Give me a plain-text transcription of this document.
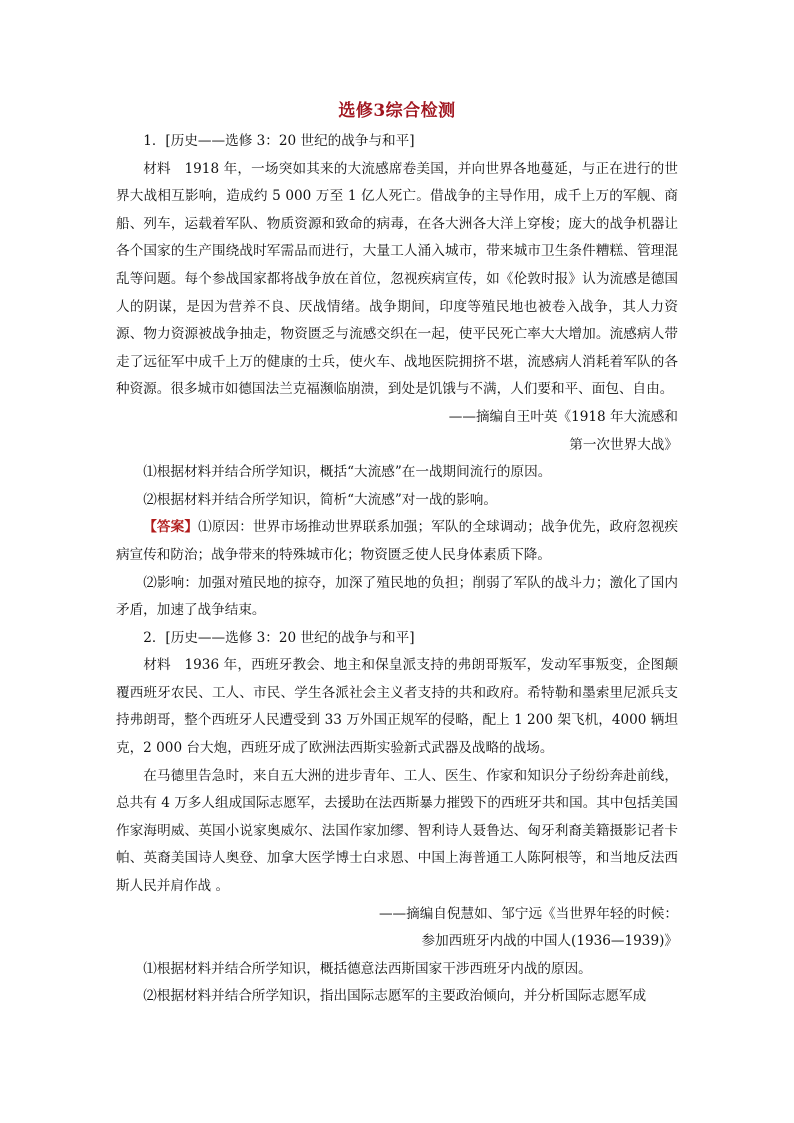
选修3综合检测

1．[历史——选修 3：20 世纪的战争与和平]

材料　1918 年，一场突如其来的大流感席卷美国，并向世界各地蔓延，与正在进行的世界大战相互影响，造成约 5 000 万至 1 亿人死亡。借战争的主导作用，成千上万的军舰、商船、列车，运载着军队、物质资源和致命的病毒，在各大洲各大洋上穿梭；庞大的战争机器让各个国家的生产围绕战时军需品而进行，大量工人涌入城市，带来城市卫生条件糟糕、管理混乱等问题。每个参战国家都将战争放在首位，忽视疾病宣传，如《伦敦时报》认为流感是德国人的阴谋，是因为营养不良、厌战情绪。战争期间，印度等殖民地也被卷入战争，其人力资源、物力资源被战争抽走，物资匮乏与流感交织在一起，使平民死亡率大大增加。流感病人带走了远征军中成千上万的健康的士兵，使火车、战地医院拥挤不堪，流感病人消耗着军队的各种资源。很多城市如德国法兰克福濒临崩溃，到处是饥饿与不满，人们要和平、面包、自由。

——摘编自王叶英《1918 年大流感和

第一次世界大战》

⑴根据材料并结合所学知识，概括“大流感”在一战期间流行的原因。

⑵根据材料并结合所学知识，简析“大流感”对一战的影响。

【答案】⑴原因：世界市场推动世界联系加强；军队的全球调动；战争优先，政府忽视疾病宣传和防治；战争带来的特殊城市化；物资匮乏使人民身体素质下降。

⑵影响：加强对殖民地的掠夺，加深了殖民地的负担；削弱了军队的战斗力；激化了国内矛盾，加速了战争结束。

2．[历史——选修 3：20 世纪的战争与和平]

材料　1936 年，西班牙教会、地主和保皇派支持的弗朗哥叛军，发动军事叛变，企图颠覆西班牙农民、工人、市民、学生各派社会主义者支持的共和政府。希特勒和墨索里尼派兵支持弗朗哥，整个西班牙人民遭受到 33 万外国正规军的侵略，配上 1 200 架飞机，4000 辆坦克，2 000 台大炮，西班牙成了欧洲法西斯实验新式武器及战略的战场。

在马德里告急时，来自五大洲的进步青年、工人、医生、作家和知识分子纷纷奔赴前线，总共有 4 万多人组成国际志愿军，去援助在法西斯暴力摧毁下的西班牙共和国。其中包括美国作家海明威、英国小说家奥威尔、法国作家加缪、智利诗人聂鲁达、匈牙利裔美籍摄影记者卡帕、英裔美国诗人奥登、加拿大医学博士白求恩、中国上海普通工人陈阿根等，和当地反法西斯人民并肩作战 。

——摘编自倪慧如、邹宁远《当世界年轻的时候：

参加西班牙内战的中国人(1936—1939)》

⑴根据材料并结合所学知识，概括德意法西斯国家干涉西班牙内战的原因。

⑵根据材料并结合所学知识，指出国际志愿军的主要政治倾向，并分析国际志愿军成
